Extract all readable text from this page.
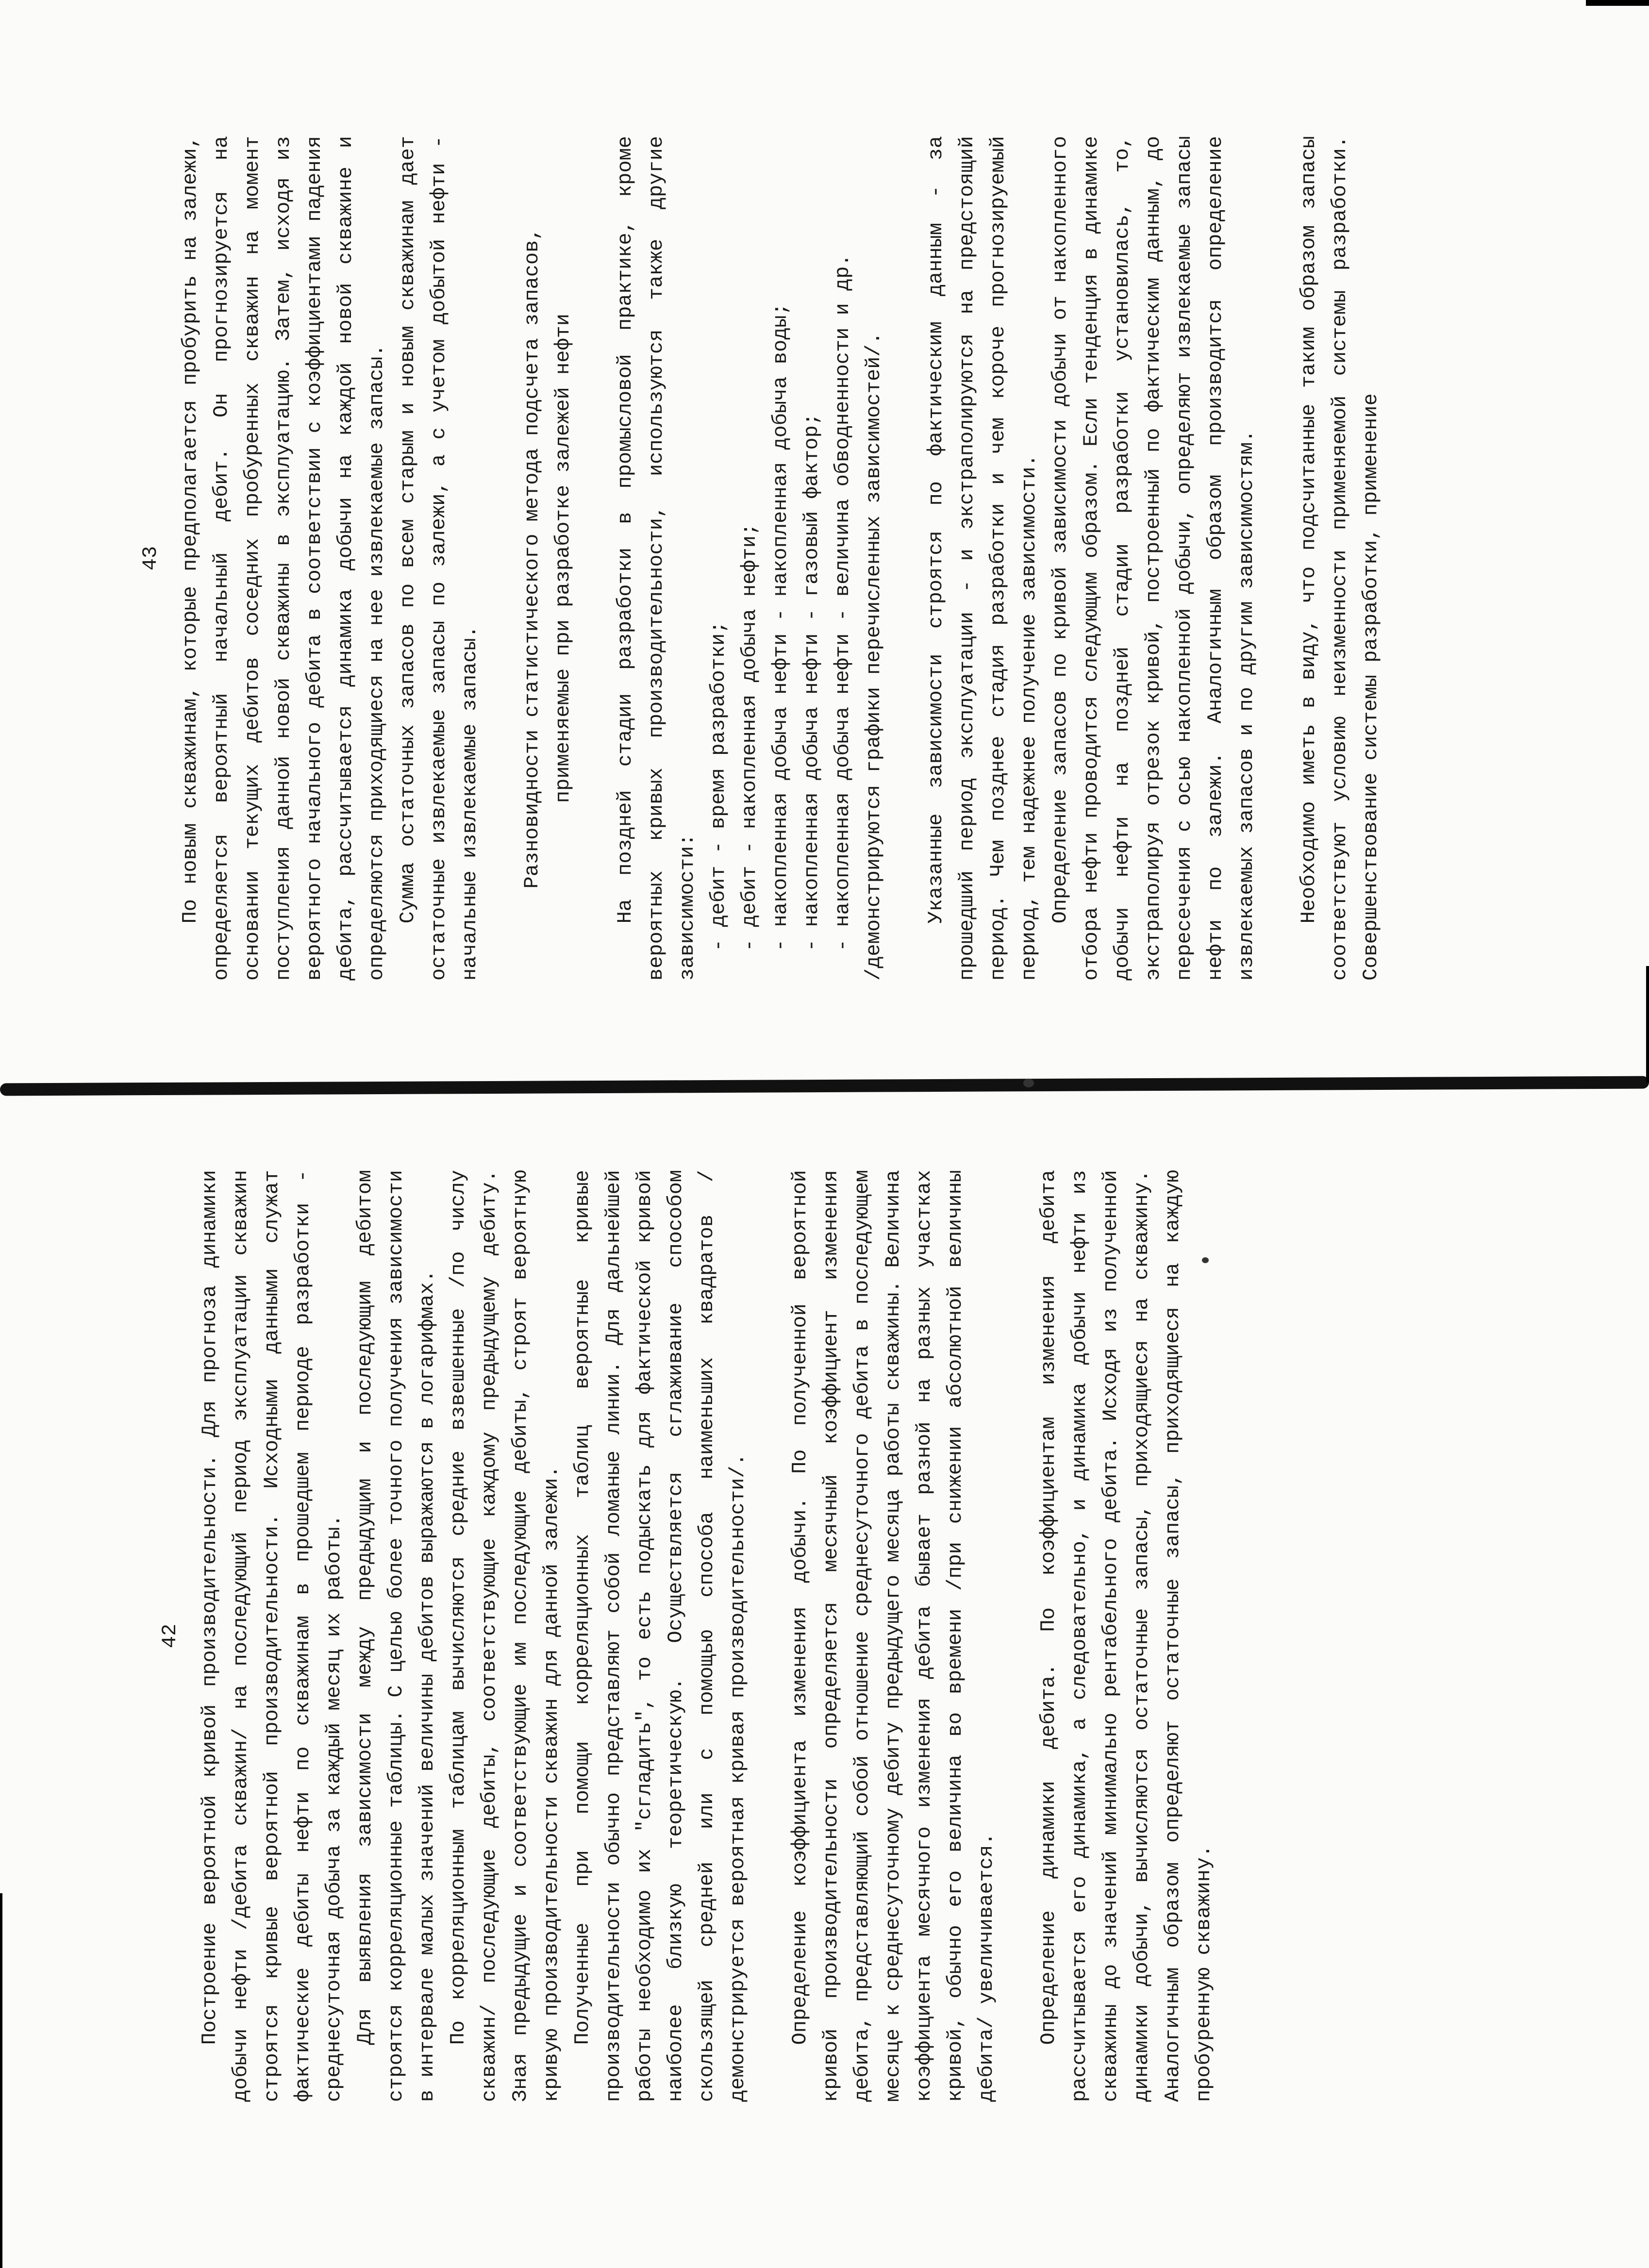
43 По новым скважинам, которые предполагается пробурить на залежи, определяется вероятный начальный дебит. Он прогнозируется на основании текущих дебитов соседних пробуренных скважин на момент поступления данной новой скважины в эксплуатацию. Затем, исходя из вероятного начального дебита в соответствии с коэффициентами падения дебита, рассчитывается динамика добычи на каждой новой скважине и определяются приходящиеся на нее извлекаемые запасы. Сумма остаточных запасов по всем старым и новым скважинам дает остаточные извлекаемые запасы по залежи, а с учетом добытой нефти - начальные извлекаемые запасы. Разновидности статистического метода подсчета запасов, применяемые при разработке залежей нефти На поздней стадии разработки в промысловой практике, кроме вероятных кривых производительности, используются также другие зависимости: - дебит - время разработки; - дебит - накопленная добыча нефти; - накопленная добыча нефти - накопленная добыча воды; - накопленная добыча нефти - газовый фактор; - накопленная добыча нефти - величина обводненности и др. /демонстрируются графики перечисленных зависимостей/. Указанные зависимости строятся по фактическим данным - за прошедший период эксплуатации - и экстраполируются на предстоящий период. Чем позднее стадия разработки и чем короче прогнозируемый период, тем надежнее получение зависимости. Определение запасов по кривой зависимости добычи от накопленного отбора нефти проводится следующим образом. Если тенденция в динамике добычи нефти на поздней стадии разработки установилась, то, экстраполируя отрезок кривой, построенный по фактическим данным, до пересечения с осью накопленной добычи, определяют извлекаемые запасы нефти по залежи. Аналогичным образом производится определение извлекаемых запасов и по другим зависимостям. Необходимо иметь в виду, что подсчитанные таким образом запасы соответствуют условию неизменности применяемой системы разработки. Совершенствование системы разработки, применение

42 Построение вероятной кривой производительности. Для прогноза динамики добычи нефти /дебита скважин/ на последующий период эксплуатации скважин строятся кривые вероятной производительности. Исходными данными служат фактические дебиты нефти по скважинам в прошедшем периоде разработки - среднесуточная добыча за каждый месяц их работы. Для выявления зависимости между предыдущим и последующим дебитом строятся корреляционные таблицы. С целью более точного получения зависимости в интервале малых значений величины дебитов выражаются в логарифмах. По корреляционным таблицам вычисляются средние взвешенные /по числу скважин/ последующие дебиты, соответствующие каждому предыдущему дебиту. Зная предыдущие и соответствующие им последующие дебиты, строят вероятную кривую производительности скважин для данной залежи. Полученные при помощи корреляционных таблиц вероятные кривые производительности обычно представляют собой ломаные линии. Для дальнейшей работы необходимо их "сгладить", то есть подыскать для фактической кривой наиболее близкую теоретическую. Осуществляется сглаживание способом скользящей средней или с помощью способа наименьших квадратов /демонстрируется вероятная кривая производительности/. Определение коэффициента изменения добычи. По полученной вероятной кривой производительности определяется месячный коэффициент изменения дебита, представляющий собой отношение среднесуточного дебита в последующем месяце к среднесуточному дебиту предыдущего месяца работы скважины. Величина коэффициента месячного изменения дебита бывает разной на разных участках кривой, обычно его величина во времени /при снижении абсолютной величины дебита/ увеличивается. Определение динамики дебита. По коэффициентам изменения дебита рассчитывается его динамика, а следовательно, и динамика добычи нефти из скважины до значений минимально рентабельного дебита. Исходя из полученной динамики добычи, вычисляются остаточные запасы, приходящиеся на скважину. Аналогичным образом определяют остаточные запасы, приходящиеся на каждую пробуренную скважину.
